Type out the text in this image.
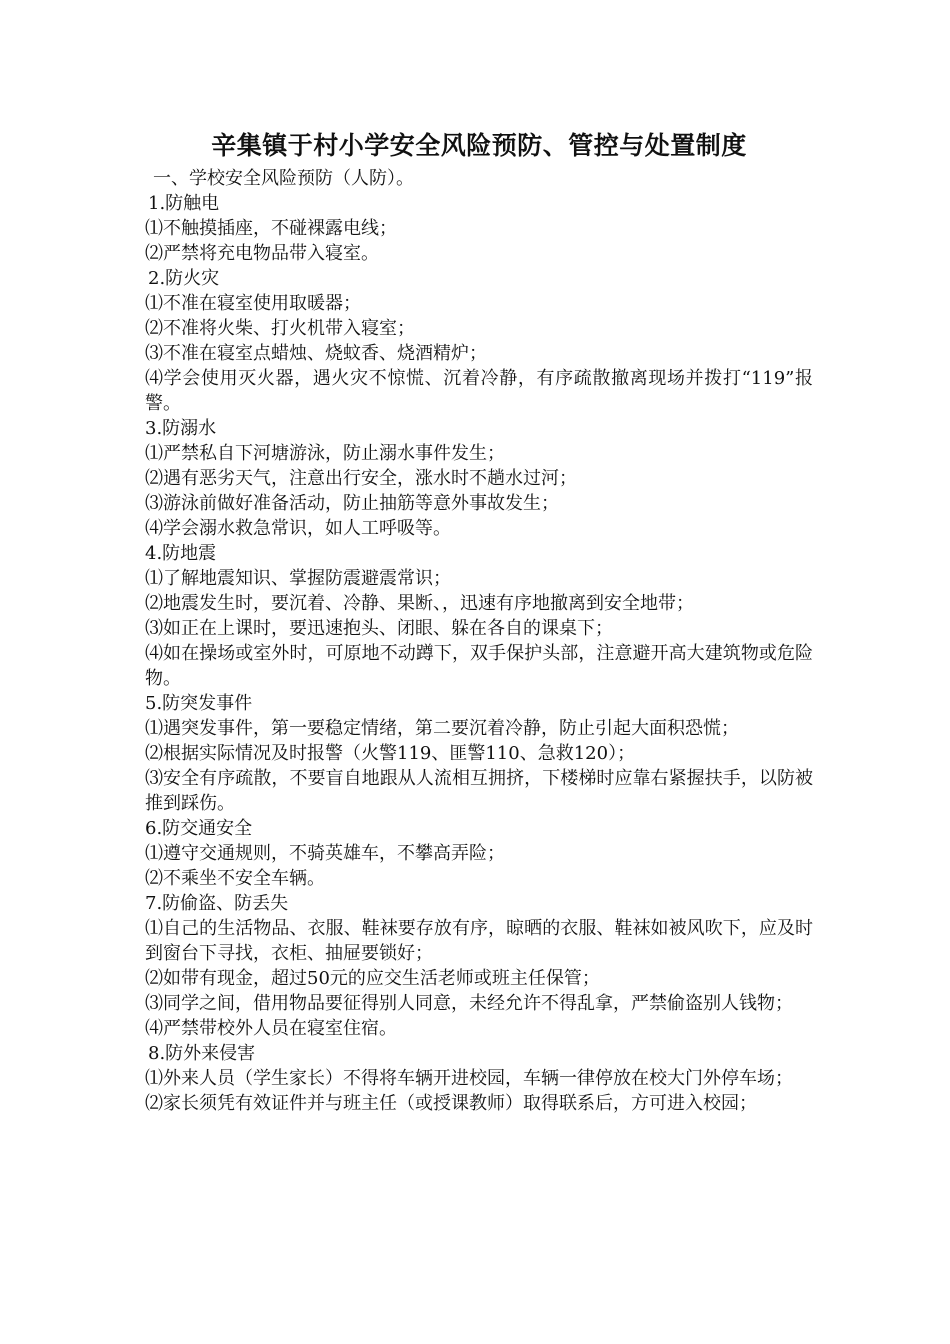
辛集镇于村小学安全风险预防、管控与处置制度

一、学校安全风险预防（人防）。

1.防触电

⑴不触摸插座，不碰裸露电线；

⑵严禁将充电物品带入寝室。

2.防火灾

⑴不准在寝室使用取暖器；

⑵不准将火柴、打火机带入寝室；

⑶不准在寝室点蜡烛、烧蚊香、烧酒精炉；

⑷学会使用灭火器，遇火灾不惊慌、沉着冷静，有序疏散撤离现场并拨打“119”报警。

3.防溺水

⑴严禁私自下河塘游泳，防止溺水事件发生；

⑵遇有恶劣天气，注意出行安全，涨水时不趟水过河；

⑶游泳前做好准备活动，防止抽筋等意外事故发生；

⑷学会溺水救急常识，如人工呼吸等。

4.防地震

⑴了解地震知识、掌握防震避震常识；

⑵地震发生时，要沉着、冷静、果断、，迅速有序地撤离到安全地带；

⑶如正在上课时，要迅速抱头、闭眼、躲在各自的课桌下；

⑷如在操场或室外时，可原地不动蹲下，双手保护头部，注意避开高大建筑物或危险物。

5.防突发事件

⑴遇突发事件，第一要稳定情绪，第二要沉着冷静，防止引起大面积恐慌；

⑵根据实际情况及时报警（火警119、匪警110、急救120）；

⑶安全有序疏散，不要盲自地跟从人流相互拥挤，下楼梯时应靠右紧握扶手，以防被推到踩伤。

6.防交通安全

⑴遵守交通规则，不骑英雄车，不攀高弄险；

⑵不乘坐不安全车辆。

7.防偷盗、防丢失

⑴自己的生活物品、衣服、鞋袜要存放有序，晾晒的衣服、鞋袜如被风吹下，应及时到窗台下寻找，衣柜、抽屉要锁好；

⑵如带有现金，超过50元的应交生活老师或班主任保管；

⑶同学之间，借用物品要征得别人同意，未经允许不得乱拿，严禁偷盗别人钱物；

⑷严禁带校外人员在寝室住宿。

8.防外来侵害

⑴外来人员（学生家长）不得将车辆开进校园，车辆一律停放在校大门外停车场；

⑵家长须凭有效证件并与班主任（或授课教师）取得联系后，方可进入校园；
